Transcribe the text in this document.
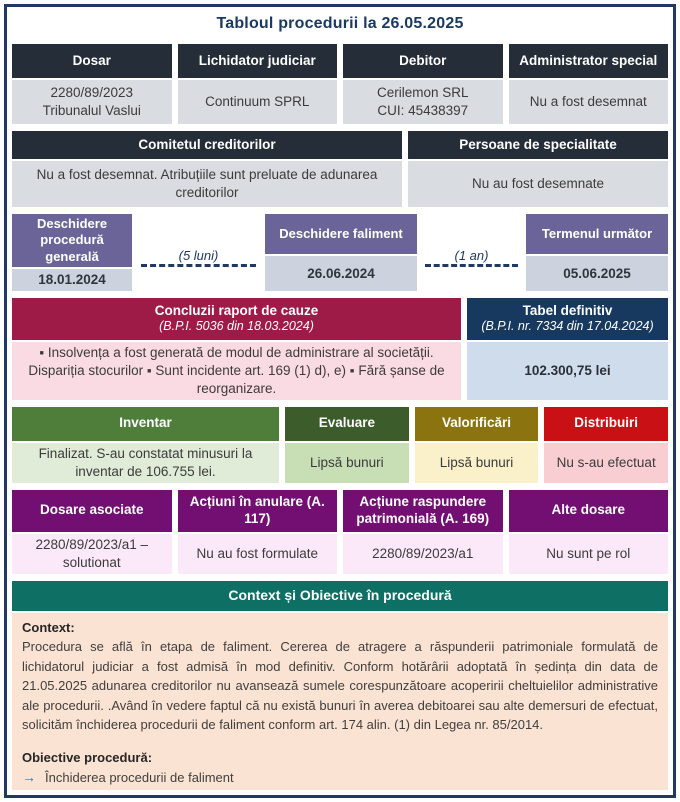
Tabloul procedurii la 26.05.2025
Dosar
2280/89/2023
Tribunalul Vaslui
Lichidator judiciar
Continuum SPRL
Debitor
Cerilemon SRL
CUI: 45438397
Administrator special
Nu a fost desemnat
Comitetul creditorilor
Nu a fost desemnat. Atribuțiile sunt preluate de adunarea creditorilor
Persoane de specialitate
Nu au fost desemnate
Deschidere procedură generală
18.01.2024
(5 luni)
Deschidere faliment
26.06.2024
(1 an)
Termenul următor
05.06.2025
Concluzii raport de cauze
(B.P.I. 5036 din 18.03.2024)
▪ Insolvența a fost generată de modul de administrare al societății. Dispariția stocurilor ▪ Sunt incidente art. 169 (1) d), e) ▪ Fără șanse de reorganizare.
Tabel definitiv
(B.P.I. nr. 7334 din 17.04.2024)
102.300,75 lei
Inventar
Finalizat. S-au constatat minusuri la inventar de 106.755 lei.
Evaluare
Lipsă bunuri
Valorificări
Lipsă bunuri
Distribuiri
Nu s-au efectuat
Dosare asociate
2280/89/2023/a1 – solutionat
Acțiuni în anulare (A. 117)
Nu au fost formulate
Acțiune raspundere patrimonială (A. 169)
2280/89/2023/a1
Alte dosare
Nu sunt pe rol
Context și Obiective în procedură
Context:
Procedura se află în etapa de faliment. Cererea de atragere a răspunderii patrimoniale formulată de lichidatorul judiciar a fost admisă în mod definitiv. Conform hotărârii adoptată în ședința din data de 21.05.2025 adunarea creditorilor nu avansează sumele corespunzătoare acoperirii cheltuielilor administrative ale procedurii. .Având în vedere faptul că nu există bunuri în averea debitoarei sau alte demersuri de efectuat, solicităm închiderea procedurii de faliment conform art. 174 alin. (1) din Legea nr. 85/2014.
Obiective procedură:
→ Închiderea procedurii de faliment
